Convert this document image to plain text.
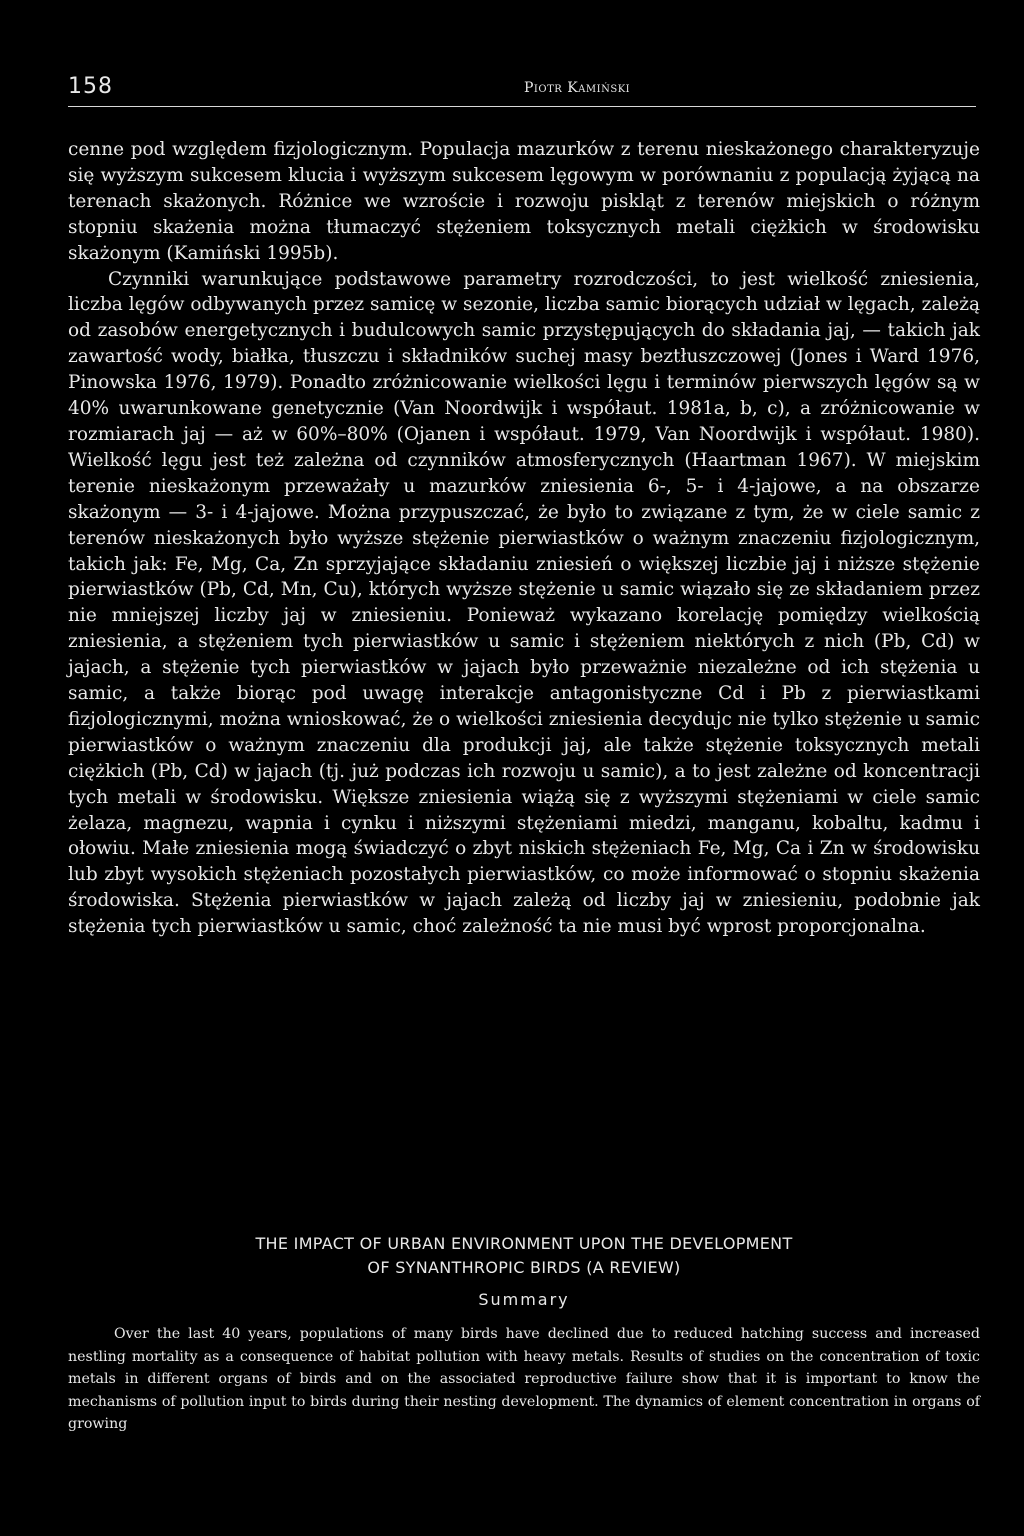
158	Piotr Kamiński

cenne pod względem fizjologicznym. Populacja mazurków z terenu nieskażonego charakteryzuje się wyższym sukcesem klucia i wyższym sukcesem lęgowym w porównaniu z populacją żyjącą na terenach skażonych. Różnice we wzroście i rozwoju piskląt z terenów miejskich o różnym stopniu skażenia można tłumaczyć stężeniem toksycznych metali ciężkich w środowisku skażonym (Kamiński 1995b).

Czynniki warunkujące podstawowe parametry rozrodczości, to jest wielkość zniesienia, liczba lęgów odbywanych przez samicę w sezonie, liczba samic biorących udział w lęgach, zależą od zasobów energetycznych i budulcowych samic przystępujących do składania jaj, — takich jak zawartość wody, białka, tłuszczu i składników suchej masy beztłuszczowej (Jones i Ward 1976, Pinowska 1976, 1979). Ponadto zróżnicowanie wielkości lęgu i terminów pierwszych lęgów są w 40% uwarunkowane genetycznie (Van Noordwijk i współaut. 1981a, b, c), a zróżnicowanie w rozmiarach jaj — aż w 60%–80% (Ojanen i współaut. 1979, Van Noordwijk i współaut. 1980). Wielkość lęgu jest też zależna od czynników atmosferycznych (Haartman 1967). W miejskim terenie nieskażonym przeważały u mazurków zniesienia 6-, 5- i 4-jajowe, a na obszarze skażonym — 3- i 4-jajowe. Można przypuszczać, że było to związane z tym, że w ciele samic z terenów nieskażonych było wyższe stężenie pierwiastków o ważnym znaczeniu fizjologicznym, takich jak: Fe, Mg, Ca, Zn sprzyjające składaniu zniesień o większej liczbie jaj i niższe stężenie pierwiastków (Pb, Cd, Mn, Cu), których wyższe stężenie u samic wiązało się ze składaniem przez nie mniejszej liczby jaj w zniesieniu. Ponieważ wykazano korelację pomiędzy wielkością zniesienia, a stężeniem tych pierwiastków u samic i stężeniem niektórych z nich (Pb, Cd) w jajach, a stężenie tych pierwiastków w jajach było przeważnie niezależne od ich stężenia u samic, a także biorąc pod uwagę interakcje antagonistyczne Cd i Pb z pierwiastkami fizjologicznymi, można wnioskować, że o wielkości zniesienia decydujc nie tylko stężenie u samic pierwiastków o ważnym znaczeniu dla produkcji jaj, ale także stężenie toksycznych metali ciężkich (Pb, Cd) w jajach (tj. już podczas ich rozwoju u samic), a to jest zależne od koncentracji tych metali w środowisku. Większe zniesienia wiążą się z wyższymi stężeniami w ciele samic żelaza, magnezu, wapnia i cynku i niższymi stężeniami miedzi, manganu, kobaltu, kadmu i ołowiu. Małe zniesienia mogą świadczyć o zbyt niskich stężeniach Fe, Mg, Ca i Zn w środowisku lub zbyt wysokich stężeniach pozostałych pierwiastków, co może informować o stopniu skażenia środowiska. Stężenia pierwiastków w jajach zależą od liczby jaj w zniesieniu, podobnie jak stężenia tych pierwiastków u samic, choć zależność ta nie musi być wprost proporcjonalna.

THE IMPACT OF URBAN ENVIRONMENT UPON THE DEVELOPMENT

OF SYNANTHROPIC BIRDS (A REVIEW)

Summary

Over the last 40 years, populations of many birds have declined due to reduced hatching success and increased nestling mortality as a consequence of habitat pollution with heavy metals. Results of studies on the concentration of toxic metals in different organs of birds and on the associated reproductive failure show that it is important to know the mechanisms of pollution input to birds during their nesting development. The dynamics of element concentration in organs of growing
